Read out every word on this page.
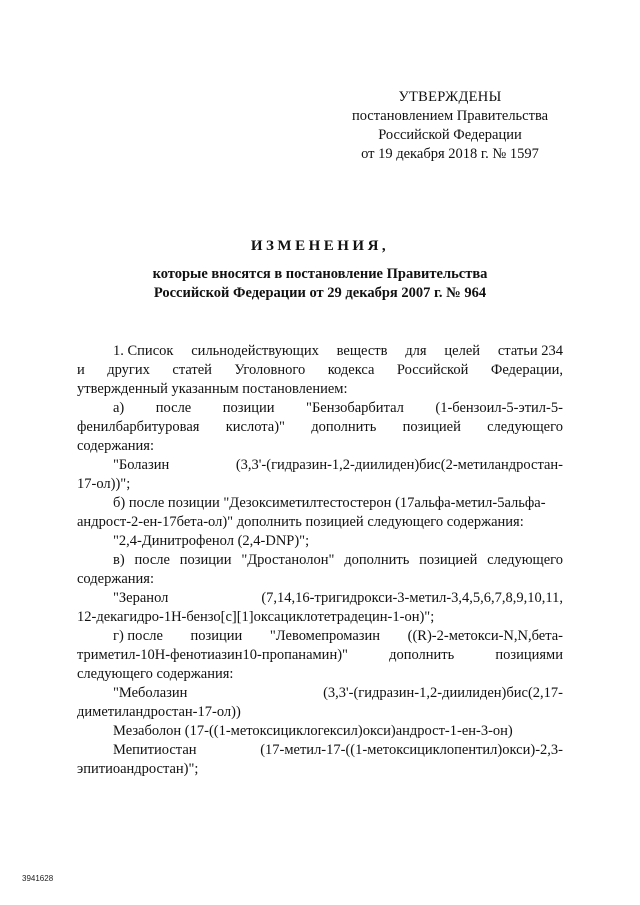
УТВЕРЖДЕНЫ
постановлением Правительства
Российской Федерации
от 19 декабря 2018 г. № 1597
ИЗМЕНЕНИЯ,
которые вносятся в постановление Правительства
Российской Федерации от 29 декабря 2007 г. № 964
1. Список сильнодействующих веществ для целей статьи 234
и других статей Уголовного кодекса Российской Федерации,
утвержденный указанным постановлением:
а) после позиции "Бензобарбитал (1-бензоил-5-этил-5-
фенилбарбитуровая кислота)" дополнить позицией следующего
содержания:
"Болазин	(3,3'-(гидразин-1,2-диилиден)бис(2-метиландростан-
17-ол))";
б) после позиции "Дезоксиметилтестостерон (17альфа-метил-5альфа-
андрост-2-ен-17бета-ол)" дополнить позицией следующего содержания:
"2,4-Динитрофенол (2,4-DNP)";
в) после позиции "Дростанолон" дополнить позицией следующего
содержания:
"Зеранол	(7,14,16-тригидрокси-3-метил-3,4,5,6,7,8,9,10,11,
12-декагидро-1Н-бензо[с][1]оксациклотетрадецин-1-он)";
г) после позиции "Левомепромазин ((R)-2-метокси-N,N,бета-
триметил-10Н-фенотиазин10-пропанамин)"	дополнить	позициями
следующего содержания:
"Меболазин	(3,3'-(гидразин-1,2-диилиден)бис(2,17-
диметиландростан-17-ол))
Мезаболон (17-((1-метоксициклогексил)окси)андрост-1-ен-3-он)
Мепитиостан	(17-метил-17-((1-метоксициклопентил)окси)-2,3-
эпитиоандростан)";
3941628
